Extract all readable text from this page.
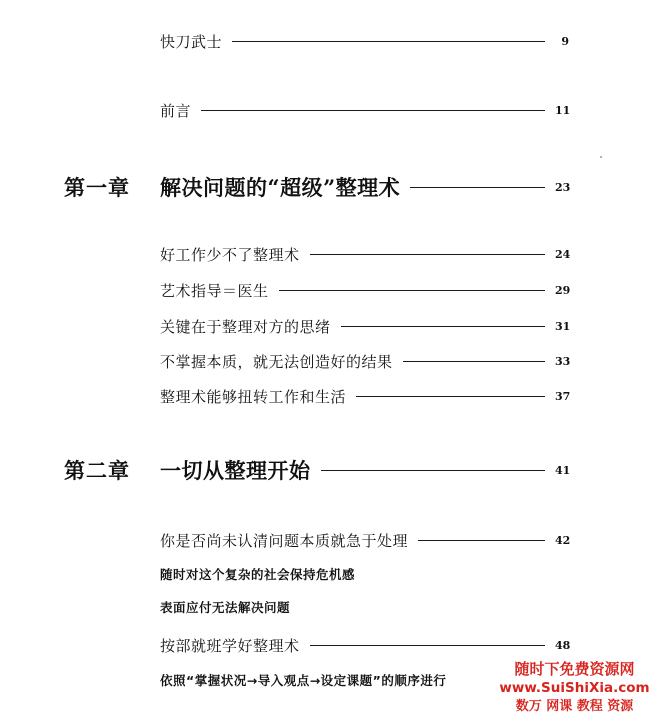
快刀武士	9
前言	11
第一章	解决问题的“超级”整理术	23
好工作少不了整理术	24
艺术指导＝医生	29
关键在于整理对方的思绪	31
不掌握本质，就无法创造好的结果	33
整理术能够扭转工作和生活	37
第二章	一切从整理开始	41
你是否尚未认清问题本质就急于处理	42
随时对这个复杂的社会保持危机感
表面应付无法解决问题
按部就班学好整理术	48
依照“掌握状况→导入观点→设定课题”的顺序进行
随时下免费资源网
www.SuiShiXia.com
数万 网课 教程 资源
